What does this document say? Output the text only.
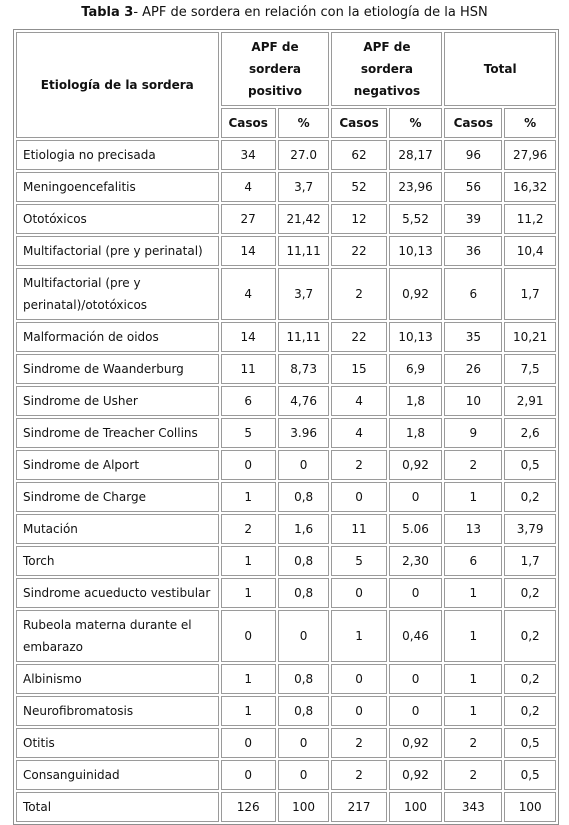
Tabla 3- APF de sordera en relación con la etiología de la HSN
Etiología de la sordera	APF de sordera positivo		APF de sordera negativos		Total	
	Casos	%	Casos	%	Casos	%
Etiologia no precisada	34	27.0	62	28,17	96	27,96
Meningoencefalitis	4	3,7	52	23,96	56	16,32
Ototóxicos	27	21,42	12	5,52	39	11,2
Multifactorial (pre y perinatal)	14	11,11	22	10,13	36	10,4
Multifactorial (pre y perinatal)/ototóxicos	4	3,7	2	0,92	6	1,7
Malformación de oidos	14	11,11	22	10,13	35	10,21
Sindrome de Waanderburg	11	8,73	15	6,9	26	7,5
Sindrome de Usher	6	4,76	4	1,8	10	2,91
Sindrome de Treacher Collins	5	3.96	4	1,8	9	2,6
Sindrome de Alport	0	0	2	0,92	2	0,5
Sindrome de Charge	1	0,8	0	0	1	0,2
Mutación	2	1,6	11	5.06	13	3,79
Torch	1	0,8	5	2,30	6	1,7
Sindrome acueducto vestibular	1	0,8	0	0	1	0,2
Rubeola materna durante el embarazo	0	0	1	0,46	1	0,2
Albinismo	1	0,8	0	0	1	0,2
Neurofibromatosis	1	0,8	0	0	1	0,2
Otitis	0	0	2	0,92	2	0,5
Consanguinidad	0	0	2	0,92	2	0,5
Total	126	100	217	100	343	100
